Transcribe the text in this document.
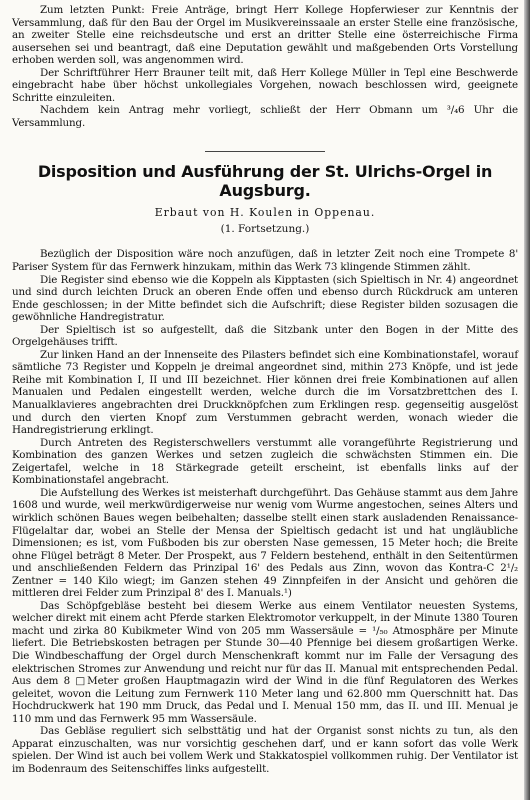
Zum letzten Punkt: Freie Anträge, bringt Herr Kollege Hopferwieser zur Kenntnis der Versammlung, daß für den Bau der Orgel im Musikvereinssaale an erster Stelle eine französische, an zweiter Stelle eine reichsdeutsche und erst an dritter Stelle eine österreichische Firma ausersehen sei und beantragt, daß eine Deputation gewählt und maßgebenden Orts Vorstellung erhoben werden soll, was angenommen wird.

Der Schriftführer Herr Brauner teilt mit, daß Herr Kollege Müller in Tepl eine Beschwerde eingebracht habe über höchst unkollegiales Vorgehen, nowach beschlossen wird, geeignete Schritte einzuleiten.

Nachdem kein Antrag mehr vorliegt, schließt der Herr Obmann um ³/₄6 Uhr die Versammlung.

Disposition und Ausführung der St. Ulrichs-Orgel in Augsburg.
Erbaut von H. Koulen in Oppenau.
(1. Fortsetzung.)

Bezüglich der Disposition wäre noch anzufügen, daß in letzter Zeit noch eine Trompete 8' Pariser System für das Fernwerk hinzukam, mithin das Werk 73 klingende Stimmen zählt.

Die Register sind ebenso wie die Koppeln als Kipptasten (sich Spieltisch in Nr. 4) angeordnet und sind durch leichten Druck an oberen Ende offen und ebenso durch Rückdruck am unteren Ende geschlossen; in der Mitte befindet sich die Aufschrift; diese Register bilden sozusagen die gewöhnliche Handregistratur.

Der Spieltisch ist so aufgestellt, daß die Sitzbank unter den Bogen in der Mitte des Orgelgehäuses trifft.

Zur linken Hand an der Innenseite des Pilasters befindet sich eine Kombinationstafel, worauf sämtliche 73 Register und Koppeln je dreimal angeordnet sind, mithin 273 Knöpfe, und ist jede Reihe mit Kombination I, II und III bezeichnet. Hier können drei freie Kombinationen auf allen Manualen und Pedalen eingestellt werden, welche durch die im Vorsatzbrettchen des I. Manualklavieres angebrachten drei Druckknöpfchen zum Erklingen resp. gegenseitig ausgelöst und durch den vierten Knopf zum Verstummen gebracht werden, wonach wieder die Handregistrierung erklingt.

Durch Antreten des Registerschwellers verstummt alle vorangeführte Registrierung und Kombination des ganzen Werkes und setzen zugleich die schwächsten Stimmen ein. Die Zeigertafel, welche in 18 Stärkegrade geteilt erscheint, ist ebenfalls links auf der Kombinationstafel angebracht.

Die Aufstellung des Werkes ist meisterhaft durchgeführt. Das Gehäuse stammt aus dem Jahre 1608 und wurde, weil merkwürdigerweise nur wenig vom Wurme angestochen, seines Alters und wirklich schönen Baues wegen beibehalten; dasselbe stellt einen stark ausladenden Renaissance-Flügelaltar dar, wobei an Stelle der Mensa der Spieltisch gedacht ist und hat ungläubliche Dimensionen; es ist, vom Fußboden bis zur obersten Nase gemessen, 15 Meter hoch; die Breite ohne Flügel beträgt 8 Meter. Der Prospekt, aus 7 Feldern bestehend, enthält in den Seitentürmen und anschließenden Feldern das Prinzipal 16' des Pedals aus Zinn, wovon das Kontra-C 2¹/₂ Zentner = 140 Kilo wiegt; im Ganzen stehen 49 Zinnpfeifen in der Ansicht und gehören die mittleren drei Felder zum Prinzipal 8' des I. Manuals.¹)

Das Schöpfgebläse besteht bei diesem Werke aus einem Ventilator neuesten Systems, welcher direkt mit einem acht Pferde starken Elektromotor verkuppelt, in der Minute 1380 Touren macht und zirka 80 Kubikmeter Wind von 205 mm Wassersäule = ¹/₅₀ Atmosphäre per Minute liefert. Die Betriebskosten betragen per Stunde 30—40 Pfennige bei diesem großartigen Werke. Die Windbeschaffung der Orgel durch Menschenkraft kommt nur im Falle der Versagung des elektrischen Stromes zur Anwendung und reicht nur für das II. Manual mit entsprechenden Pedal. Aus dem 8 □Meter großen Hauptmagazin wird der Wind in die fünf Regulatoren des Werkes geleitet, wovon die Leitung zum Fernwerk 110 Meter lang und 62.800 mm Querschnitt hat. Das Hochdruckwerk hat 190 mm Druck, das Pedal und I. Menual 150 mm, das II. und III. Menual je 110 mm und das Fernwerk 95 mm Wassersäule.

Das Gebläse reguliert sich selbsttätig und hat der Organist sonst nichts zu tun, als den Apparat einzuschalten, was nur vorsichtig geschehen darf, und er kann sofort das volle Werk spielen. Der Wind ist auch bei vollem Werk und Stakkatospiel vollkommen ruhig. Der Ventilator ist im Bodenraum des Seitenschiffes links aufgestellt.
